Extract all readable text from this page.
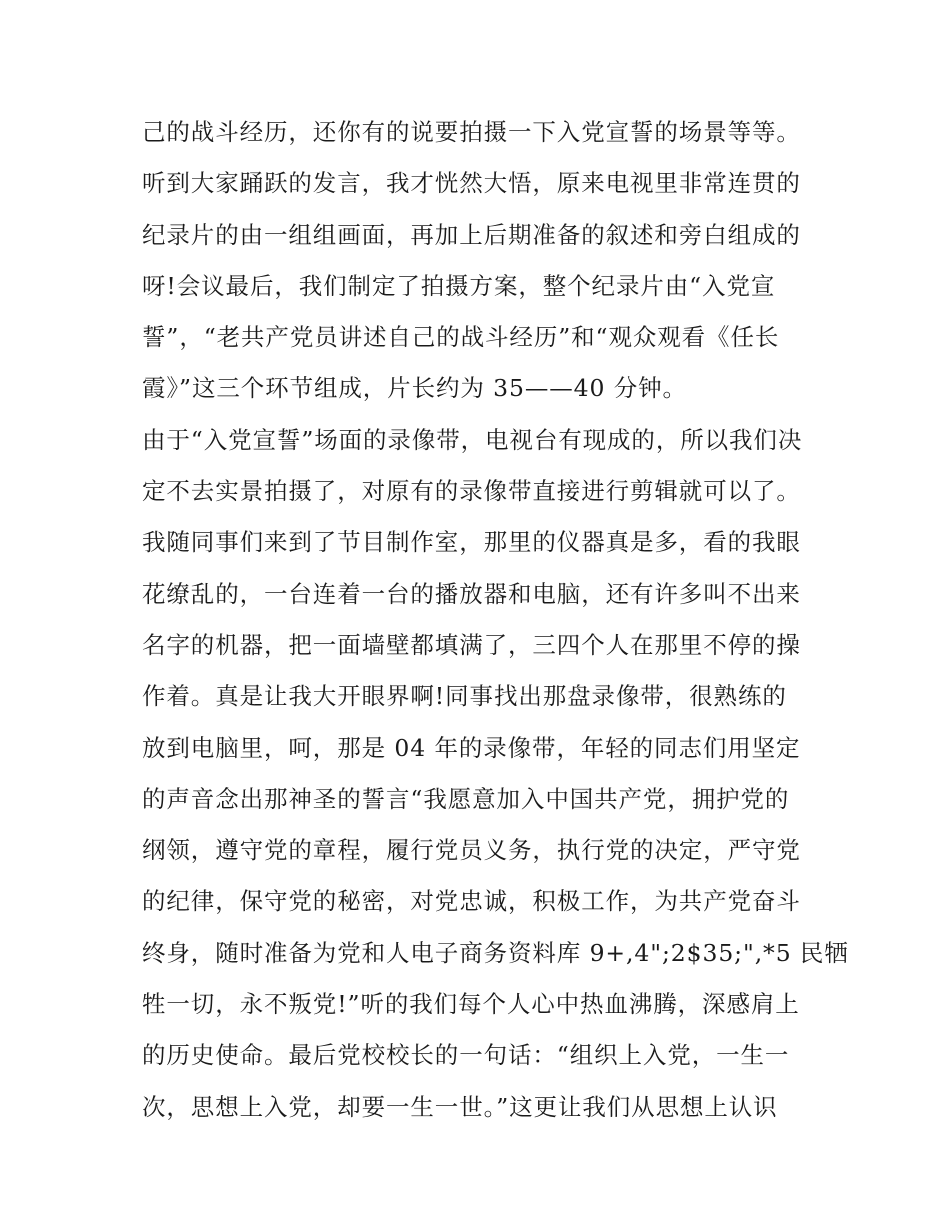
己的战斗经历，还你有的说要拍摄一下入党宣誓的场景等等。
听到大家踊跃的发言，我才恍然大悟，原来电视里非常连贯的
纪录片的由一组组画面，再加上后期准备的叙述和旁白组成的
呀!会议最后，我们制定了拍摄方案，整个纪录片由“入党宣
誓”，“老共产党员讲述自己的战斗经历”和“观众观看《任长
霞》”这三个环节组成，片长约为 35——40 分钟。
由于“入党宣誓”场面的录像带，电视台有现成的，所以我们决
定不去实景拍摄了，对原有的录像带直接进行剪辑就可以了。
我随同事们来到了节目制作室，那里的仪器真是多，看的我眼
花缭乱的，一台连着一台的播放器和电脑，还有许多叫不出来
名字的机器，把一面墙壁都填满了，三四个人在那里不停的操
作着。真是让我大开眼界啊!同事找出那盘录像带，很熟练的
放到电脑里，呵，那是 04 年的录像带，年轻的同志们用坚定
的声音念出那神圣的誓言“我愿意加入中国共产党，拥护党的
纲领，遵守党的章程，履行党员义务，执行党的决定，严守党
的纪律，保守党的秘密，对党忠诚，积极工作，为共产党奋斗
终身，随时准备为党和人电子商务资料库 9+,4";2$35;",*5 民牺
牲一切，永不叛党!”听的我们每个人心中热血沸腾，深感肩上
的历史使命。最后党校校长的一句话：“组织上入党，一生一
次，思想上入党，却要一生一世。”这更让我们从思想上认识
